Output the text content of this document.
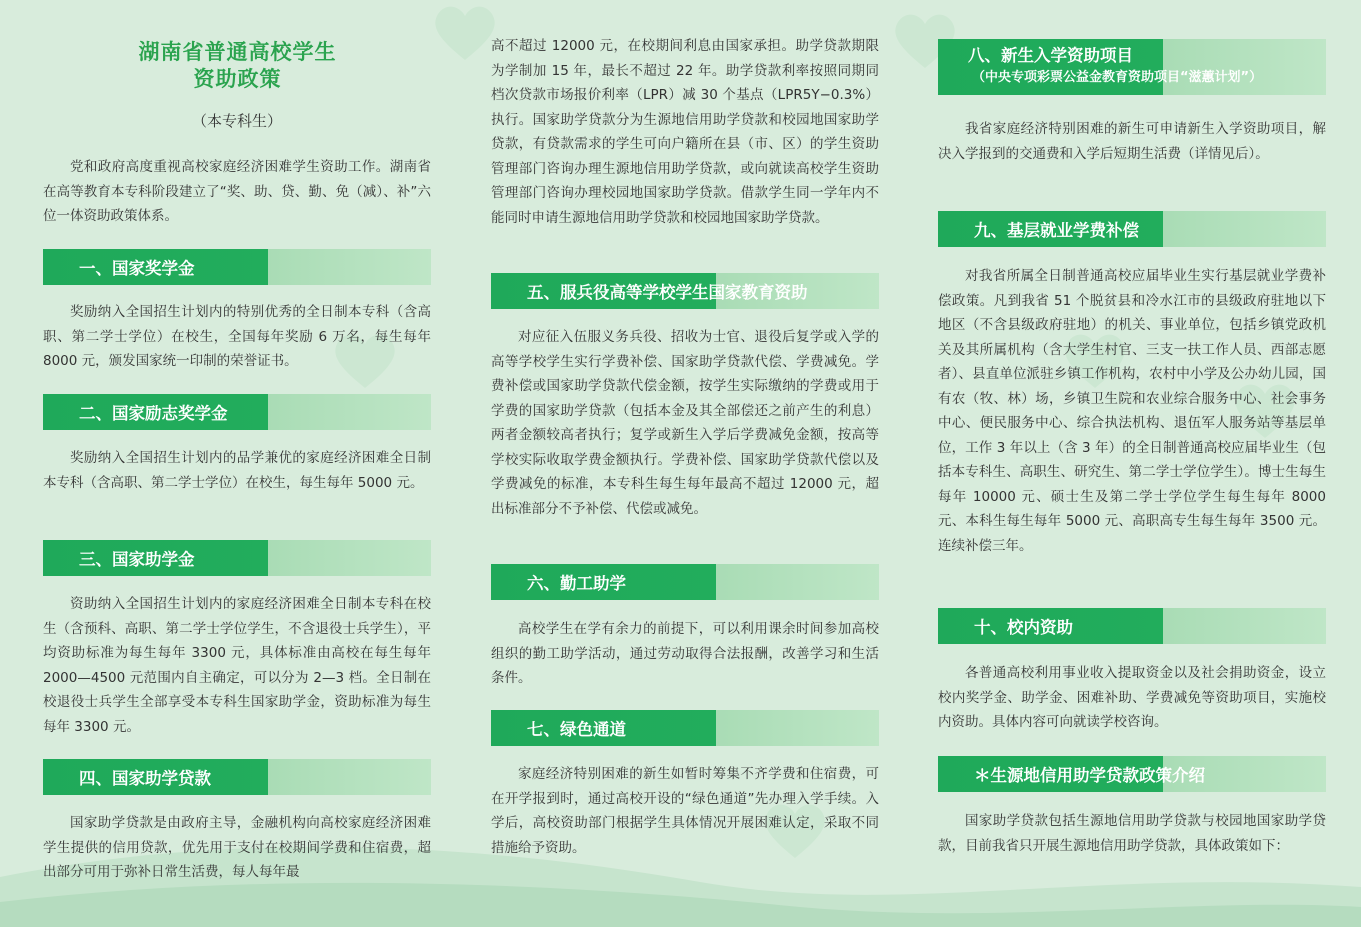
湖南省普通高校学生
资助政策
（本专科生）

党和政府高度重视高校家庭经济困难学生资助工作。湖南省在高等教育本专科阶段建立了“奖、助、贷、勤、免（减）、补”六位一体资助政策体系。

一、国家奖学金

奖励纳入全国招生计划内的特别优秀的全日制本专科（含高职、第二学士学位）在校生，全国每年奖励 6 万名，每生每年 8000 元，颁发国家统一印制的荣誉证书。

二、国家励志奖学金

奖励纳入全国招生计划内的品学兼优的家庭经济困难全日制本专科（含高职、第二学士学位）在校生，每生每年 5000 元。

三、国家助学金

资助纳入全国招生计划内的家庭经济困难全日制本专科在校生（含预科、高职、第二学士学位学生，不含退役士兵学生），平均资助标准为每生每年 3300 元，具体标准由高校在每生每年 2000—4500 元范围内自主确定，可以分为 2—3 档。全日制在校退役士兵学生全部享受本专科生国家助学金，资助标准为每生每年 3300 元。

四、国家助学贷款

国家助学贷款是由政府主导，金融机构向高校家庭经济困难学生提供的信用贷款，优先用于支付在校期间学费和住宿费，超出部分可用于弥补日常生活费，每人每年最

高不超过 12000 元，在校期间利息由国家承担。助学贷款期限为学制加 15 年，最长不超过 22 年。助学贷款利率按照同期同档次贷款市场报价利率（LPR）减 30 个基点（LPR5Y−0.3%）执行。国家助学贷款分为生源地信用助学贷款和校园地国家助学贷款，有贷款需求的学生可向户籍所在县（市、区）的学生资助管理部门咨询办理生源地信用助学贷款，或向就读高校学生资助管理部门咨询办理校园地国家助学贷款。借款学生同一学年内不能同时申请生源地信用助学贷款和校园地国家助学贷款。

五、服兵役高等学校学生国家教育资助

对应征入伍服义务兵役、招收为士官、退役后复学或入学的高等学校学生实行学费补偿、国家助学贷款代偿、学费减免。学费补偿或国家助学贷款代偿金额，按学生实际缴纳的学费或用于学费的国家助学贷款（包括本金及其全部偿还之前产生的利息）两者金额较高者执行；复学或新生入学后学费减免金额，按高等学校实际收取学费金额执行。学费补偿、国家助学贷款代偿以及学费减免的标准，本专科生每生每年最高不超过 12000 元，超出标准部分不予补偿、代偿或减免。

六、勤工助学

高校学生在学有余力的前提下，可以利用课余时间参加高校组织的勤工助学活动，通过劳动取得合法报酬，改善学习和生活条件。

七、绿色通道

家庭经济特别困难的新生如暂时筹集不齐学费和住宿费，可在开学报到时，通过高校开设的“绿色通道”先办理入学手续。入学后，高校资助部门根据学生具体情况开展困难认定，采取不同措施给予资助。

八、新生入学资助项目
（中央专项彩票公益金教育资助项目“滋蕙计划”）

我省家庭经济特别困难的新生可申请新生入学资助项目，解决入学报到的交通费和入学后短期生活费（详情见后）。

九、基层就业学费补偿

对我省所属全日制普通高校应届毕业生实行基层就业学费补偿政策。凡到我省 51 个脱贫县和冷水江市的县级政府驻地以下地区（不含县级政府驻地）的机关、事业单位，包括乡镇党政机关及其所属机构（含大学生村官、三支一扶工作人员、西部志愿者）、县直单位派驻乡镇工作机构，农村中小学及公办幼儿园，国有农（牧、林）场，乡镇卫生院和农业综合服务中心、社会事务中心、便民服务中心、综合执法机构、退伍军人服务站等基层单位，工作 3 年以上（含 3 年）的全日制普通高校应届毕业生（包括本专科生、高职生、研究生、第二学士学位学生）。博士生每生每年 10000 元、硕士生及第二学士学位学生每生每年 8000 元、本科生每生每年 5000 元、高职高专生每生每年 3500 元。连续补偿三年。

十、校内资助

各普通高校利用事业收入提取资金以及社会捐助资金，设立校内奖学金、助学金、困难补助、学费减免等资助项目，实施校内资助。具体内容可向就读学校咨询。

＊生源地信用助学贷款政策介绍

国家助学贷款包括生源地信用助学贷款与校园地国家助学贷款，目前我省只开展生源地信用助学贷款，具体政策如下：
